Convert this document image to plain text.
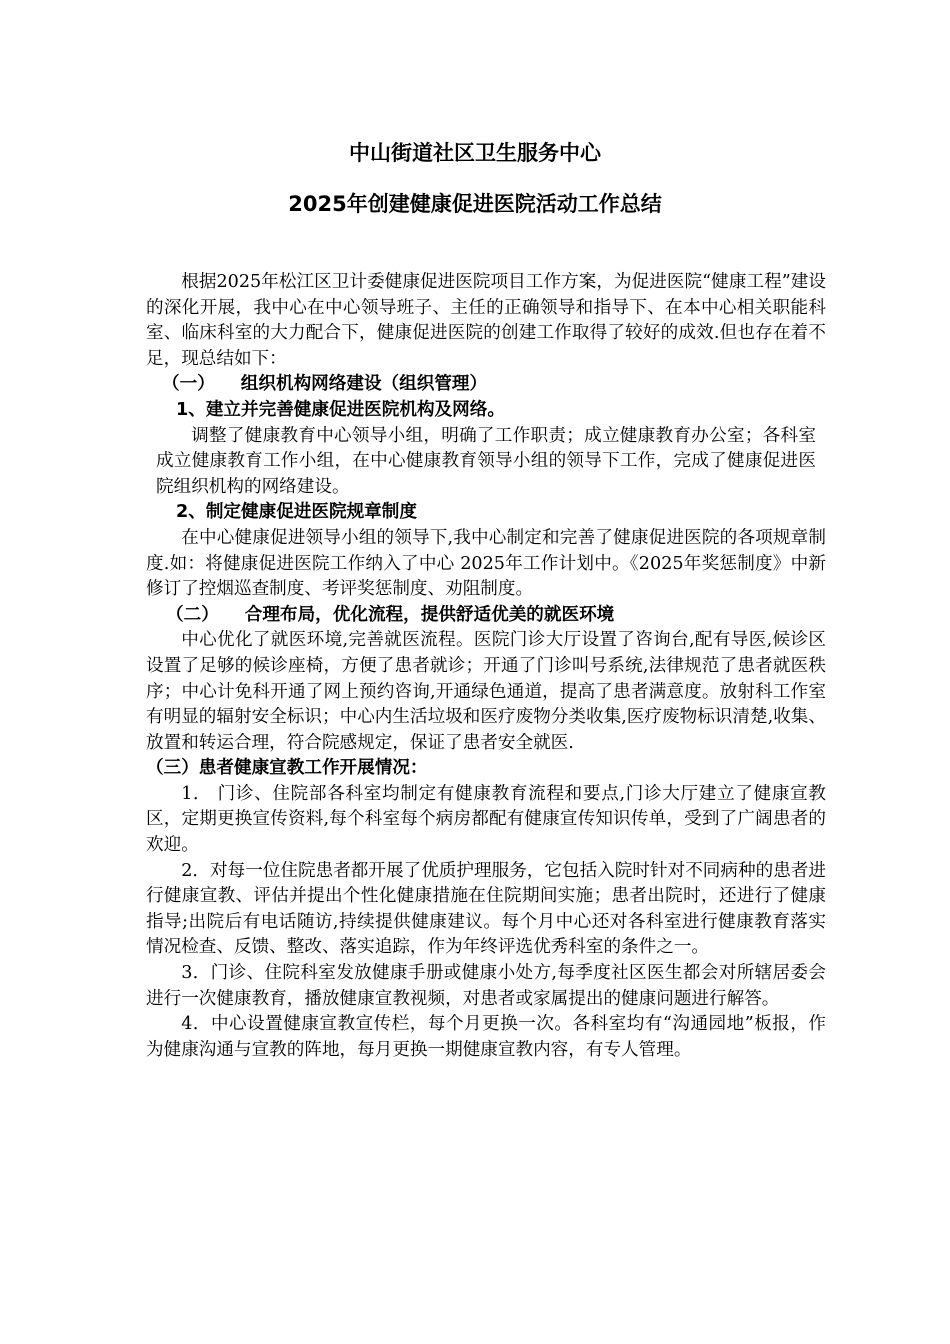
中山街道社区卫生服务中心
2025年创建健康促进医院活动工作总结

根据2025年松江区卫计委健康促进医院项目工作方案，为促进医院“健康工程”建设的深化开展，我中心在中心领导班子、主任的正确领导和指导下、在本中心相关职能科室、临床科室的大力配合下，健康促进医院的创建工作取得了较好的成效.但也存在着不足，现总结如下：

（一） 组织机构网络建设（组织管理）

1、建立并完善健康促进医院机构及网络。

调整了健康教育中心领导小组，明确了工作职责；成立健康教育办公室；各科室成立健康教育工作小组，在中心健康教育领导小组的领导下工作，完成了健康促进医院组织机构的网络建设。

2、制定健康促进医院规章制度

在中心健康促进领导小组的领导下,我中心制定和完善了健康促进医院的各项规章制度.如：将健康促进医院工作纳入了中心 2025年工作计划中。《2025年奖惩制度》中新修订了控烟巡查制度、考评奖惩制度、劝阻制度。

（二） 合理布局，优化流程，提供舒适优美的就医环境

中心优化了就医环境,完善就医流程。医院门诊大厅设置了咨询台,配有导医,候诊区设置了足够的候诊座椅，方便了患者就诊；开通了门诊叫号系统,法律规范了患者就医秩序；中心计免科开通了网上预约咨询,开通绿色通道，提高了患者满意度。放射科工作室有明显的辐射安全标识；中心内生活垃圾和医疗废物分类收集,医疗废物标识清楚,收集、放置和转运合理，符合院感规定，保证了患者安全就医.

（三）患者健康宣教工作开展情况：

1． 门诊、住院部各科室均制定有健康教育流程和要点,门诊大厅建立了健康宣教区，定期更换宣传资料,每个科室每个病房都配有健康宣传知识传单，受到了广阔患者的欢迎。

2．对每一位住院患者都开展了优质护理服务，它包括入院时针对不同病种的患者进行健康宣教、评估并提出个性化健康措施在住院期间实施；患者出院时，还进行了健康指导;出院后有电话随访,持续提供健康建议。每个月中心还对各科室进行健康教育落实情况检查、反馈、整改、落实追踪，作为年终评选优秀科室的条件之一。

3．门诊、住院科室发放健康手册或健康小处方,每季度社区医生都会对所辖居委会进行一次健康教育，播放健康宣教视频，对患者或家属提出的健康问题进行解答。

4．中心设置健康宣教宣传栏，每个月更换一次。各科室均有“沟通园地”板报，作为健康沟通与宣教的阵地，每月更换一期健康宣教内容，有专人管理。
